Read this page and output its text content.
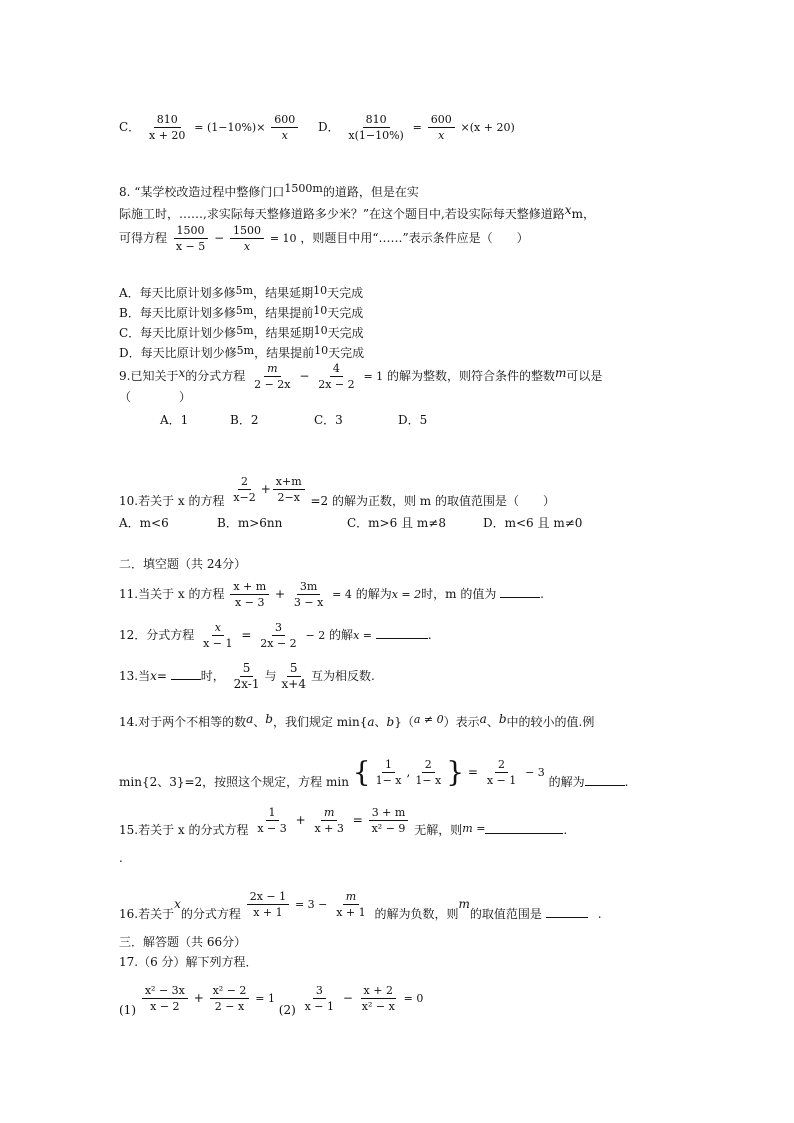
C． $\frac{810}{x + 20} = (1-10\%)\times \frac{600}{x}$ D． $\frac{810}{x(1-10\%)} = \frac{600}{x} \times(x + 20)$
8. “某学校改造过程中整修门口1500m的道路，但是在实
际施工时，……,求实际每天整修道路多少米？”在这个题目中,若设实际每天整修道路xm，
可得方程 $\frac{1500}{x - 5} - \frac{1500}{x} = 10$ ，则题目中用“……”表示条件应是（　　）
A．每天比原计划多修5m，结果延期10天完成
B．每天比原计划多修5m，结果提前10天完成
C．每天比原计划少修5m，结果延期10天完成
D．每天比原计划少修5m，结果提前10天完成
9.已知关于x的分式方程 $\frac{m}{2 - 2x} - \frac{4}{2x - 2} = 1$ 的解为整数，则符合条件的整数m可以是
（　　　　）
A．1	B．2	C．3	D．5
10.若关于 x 的方程 $\frac{2}{x-2} + \frac{x+m}{2-x} =2$ 的解为正数，则 m 的取值范围是（　　）
A．m<6	B．m>6nn	C．m>6 且 m≠8	D．m<6 且 m≠0
二．填空题（共 24分）
11.当关于 x 的方程 $\frac{x + m}{x - 3} + \frac{3m}{3 - x} = 4$ 的解为x = 2时，m 的值为	.
12．分式方程 $\frac{x}{x - 1} = \frac{3}{2x - 2} - 2$ 的解x =	.
13.当x=	时， $\frac{5}{2x-1}$ 与 $\frac{5}{x+4}$ 互为相反数.
14.对于两个不相等的数a、b，我们规定 min{a、b}（a ≠ 0）表示a、b中的较小的值.例
min{2、3}=2，按照这个规定，方程 min { $\frac{1}{1- x}$ , $\frac{2}{1- x}$ } = $\frac{2}{x - 1} - 3$ 的解为	.
15.若关于 x 的分式方程 $\frac{1}{x - 3} + \frac{m}{x + 3} = \frac{3 + m}{\text{x² − 9}}$ 无解，则m =	.
.
16.若关于x的分式方程 $\frac{2x - 1}{x + 1} = 3 - \frac{m}{x + 1}$ 的解为负数，则m的取值范围是	.
三．解答题（共 66分）
17.（6 分）解下列方程．
$(1) \frac{\text{x² − 3x}}{x - 2} + \frac{\text{x² − 2}}{2 - x} = 1$ $(2) \frac{3}{x - 1} - \frac{x + 2}{\text{x² − x}} = 0$
